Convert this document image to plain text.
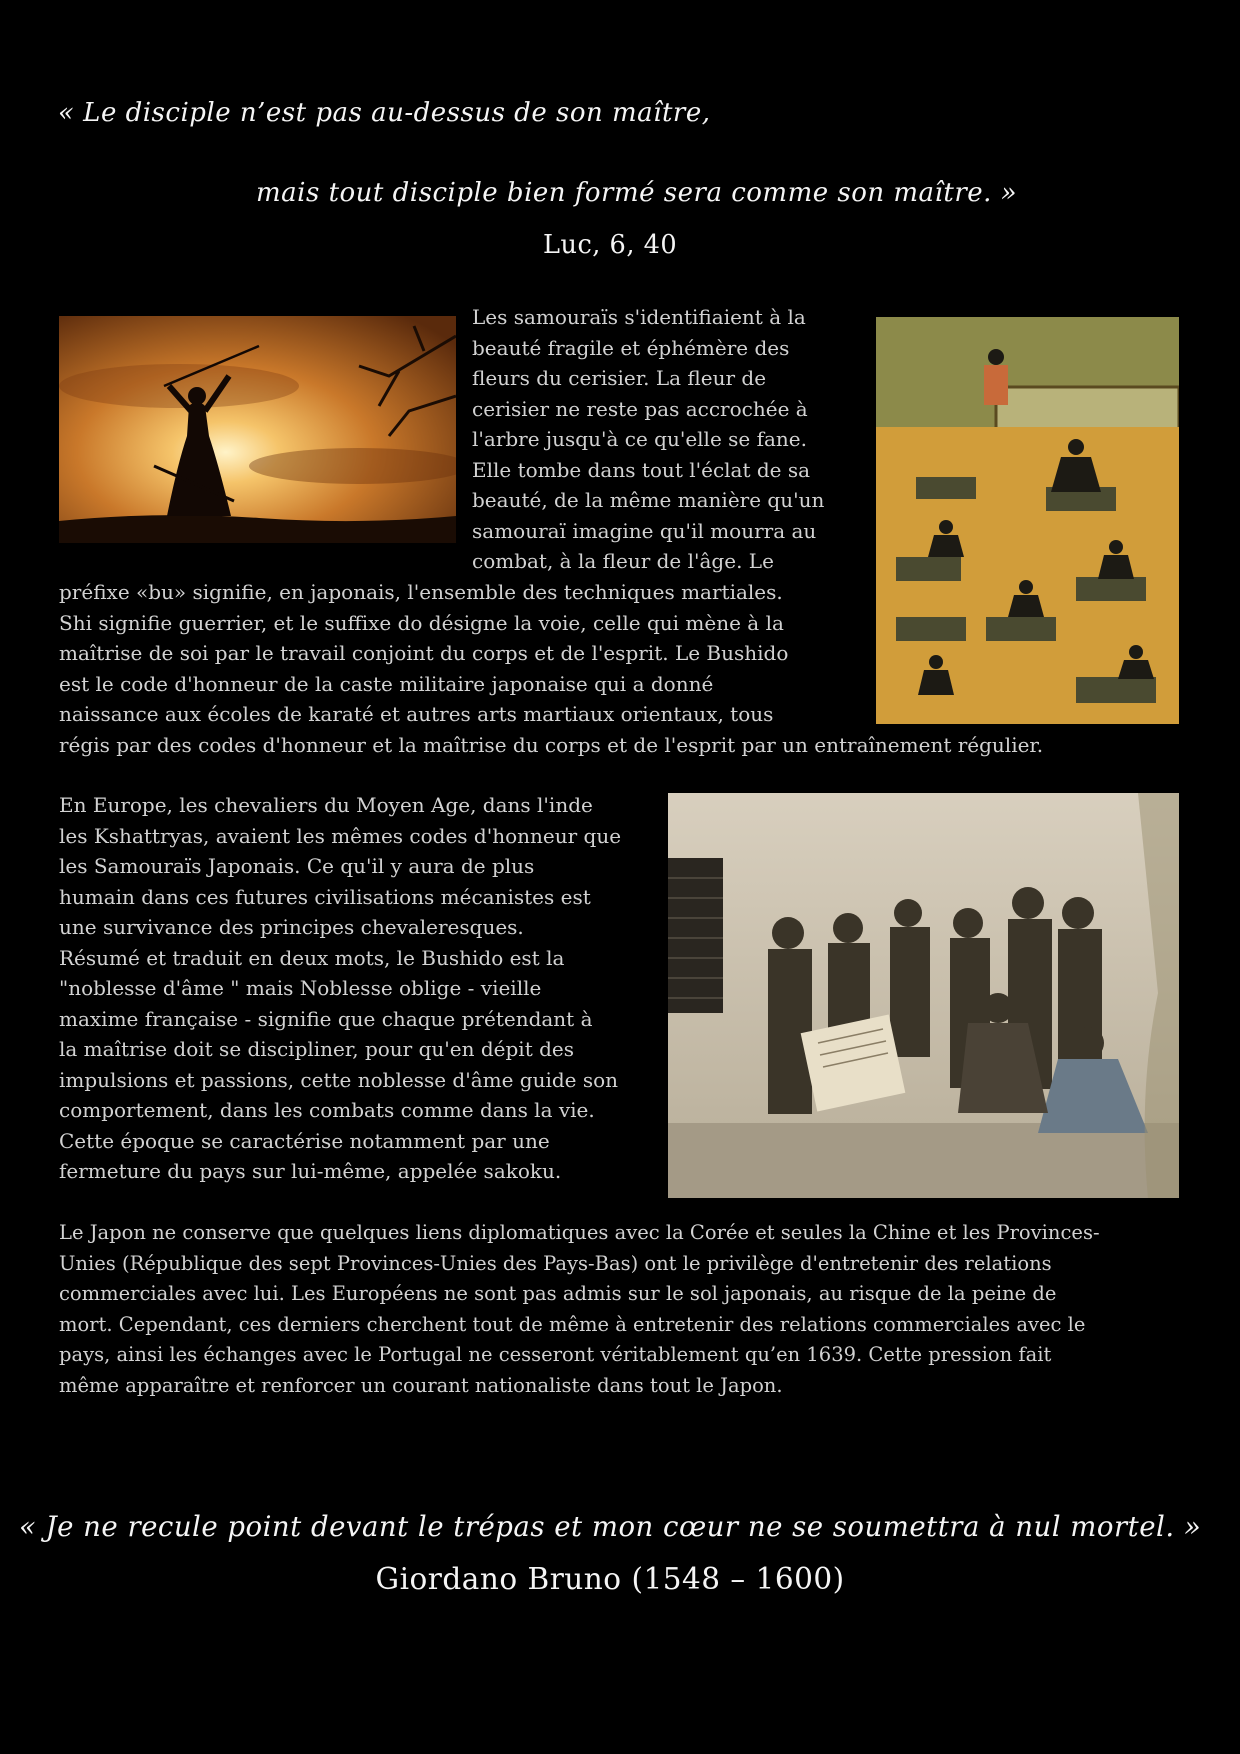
« Le disciple n’est pas au-dessus de son maître,
mais tout disciple bien formé sera comme son maître. »
Luc, 6, 40
Les samouraïs s'identifiaient à la
beauté fragile et éphémère des
fleurs du cerisier. La fleur de
cerisier ne reste pas accrochée à
l'arbre jusqu'à ce qu'elle se fane.
Elle tombe dans tout l'éclat de sa
beauté, de la même manière qu'un
samouraï imagine qu'il mourra au
combat, à la fleur de l'âge. Le
préfixe «bu» signifie, en japonais, l'ensemble des techniques martiales.
Shi signifie guerrier, et le suffixe do désigne la voie, celle qui mène à la
maîtrise de soi par le travail conjoint du corps et de l'esprit. Le Bushido
est le code d'honneur de la caste militaire japonaise qui a donné
naissance aux écoles de karaté et autres arts martiaux orientaux, tous
régis par des codes d'honneur et la maîtrise du corps et de l'esprit par un entraînement régulier.
En Europe, les chevaliers du Moyen Age, dans l'inde
les Kshattryas, avaient les mêmes codes d'honneur que
les Samouraïs Japonais. Ce qu'il y aura de plus
humain dans ces futures civilisations mécanistes est
une survivance des principes chevaleresques.
Résumé et traduit en deux mots, le Bushido est la
"noblesse d'âme " mais Noblesse oblige - vieille
maxime française - signifie que chaque prétendant à
la maîtrise doit se discipliner, pour qu'en dépit des
impulsions et passions, cette noblesse d'âme guide son
comportement, dans les combats comme dans la vie.
Cette époque se caractérise notamment par une
fermeture du pays sur lui-même, appelée sakoku.
Le Japon ne conserve que quelques liens diplomatiques avec la Corée et seules la Chine et les Provinces-
Unies (République des sept Provinces-Unies des Pays-Bas) ont le privilège d'entretenir des relations
commerciales avec lui. Les Européens ne sont pas admis sur le sol japonais, au risque de la peine de
mort. Cependant, ces derniers cherchent tout de même à entretenir des relations commerciales avec le
pays, ainsi les échanges avec le Portugal ne cesseront véritablement qu’en 1639. Cette pression fait
même apparaître et renforcer un courant nationaliste dans tout le Japon.
« Je ne recule point devant le trépas et mon cœur ne se soumettra à nul mortel. »
Giordano Bruno (1548 – 1600)
